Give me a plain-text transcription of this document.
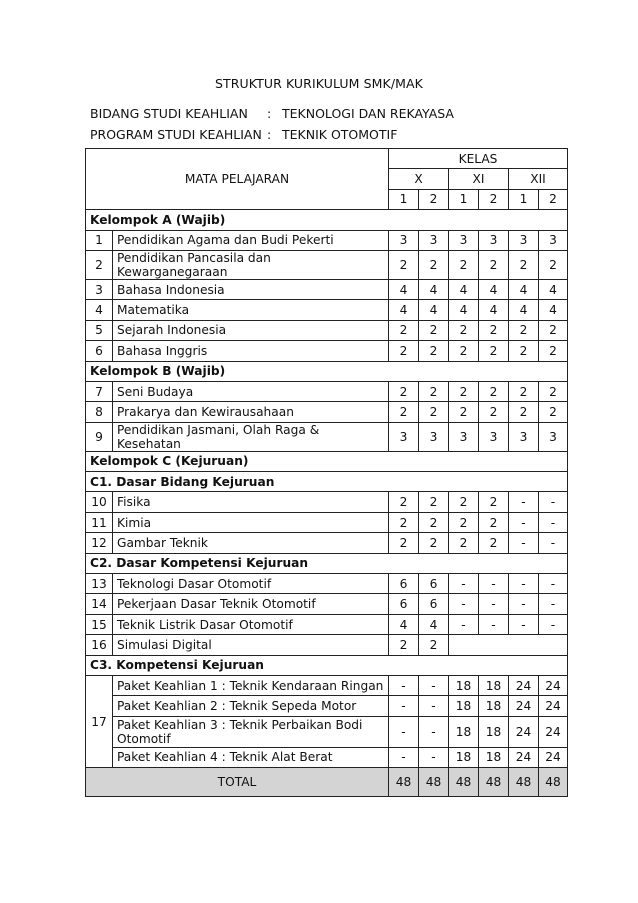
STRUKTUR KURIKULUM SMK/MAK
BIDANG STUDI KEAHLIAN : TEKNOLOGI DAN REKAYASA
PROGRAM STUDI KEAHLIAN : TEKNIK OTOMOTIF
MATA PELAJARAN		KELAS					
		X		XI		XII	
		1	2	1	2	1	2
Kelompok A (Wajib)							
1	Pendidikan Agama dan Budi Pekerti	3	3	3	3	3	3
2	Pendidikan Pancasila dan Kewarganegaraan	2	2	2	2	2	2
3	Bahasa Indonesia	4	4	4	4	4	4
4	Matematika	4	4	4	4	4	4
5	Sejarah Indonesia	2	2	2	2	2	2
6	Bahasa Inggris	2	2	2	2	2	2
Kelompok B (Wajib)							
7	Seni Budaya	2	2	2	2	2	2
8	Prakarya dan Kewirausahaan	2	2	2	2	2	2
9	Pendidikan Jasmani, Olah Raga & Kesehatan	3	3	3	3	3	3
Kelompok C (Kejuruan)							
C1. Dasar Bidang Kejuruan							
10	Fisika	2	2	2	2	-	-
11	Kimia	2	2	2	2	-	-
12	Gambar Teknik	2	2	2	2	-	-
C2. Dasar Kompetensi Kejuruan							
13	Teknologi Dasar Otomotif	6	6	-	-	-	-
14	Pekerjaan Dasar Teknik Otomotif	6	6	-	-	-	-
15	Teknik Listrik Dasar Otomotif	4	4	-	-	-	-
16	Simulasi Digital	2	2				
C3. Kompetensi Kejuruan							
17	Paket Keahlian 1 : Teknik Kendaraan Ringan	-	-	18	18	24	24
	Paket Keahlian 2 : Teknik Sepeda Motor	-	-	18	18	24	24
	Paket Keahlian 3 : Teknik Perbaikan Bodi Otomotif	-	-	18	18	24	24
	Paket Keahlian 4 : Teknik Alat Berat	-	-	18	18	24	24
TOTAL		48	48	48	48	48	48
